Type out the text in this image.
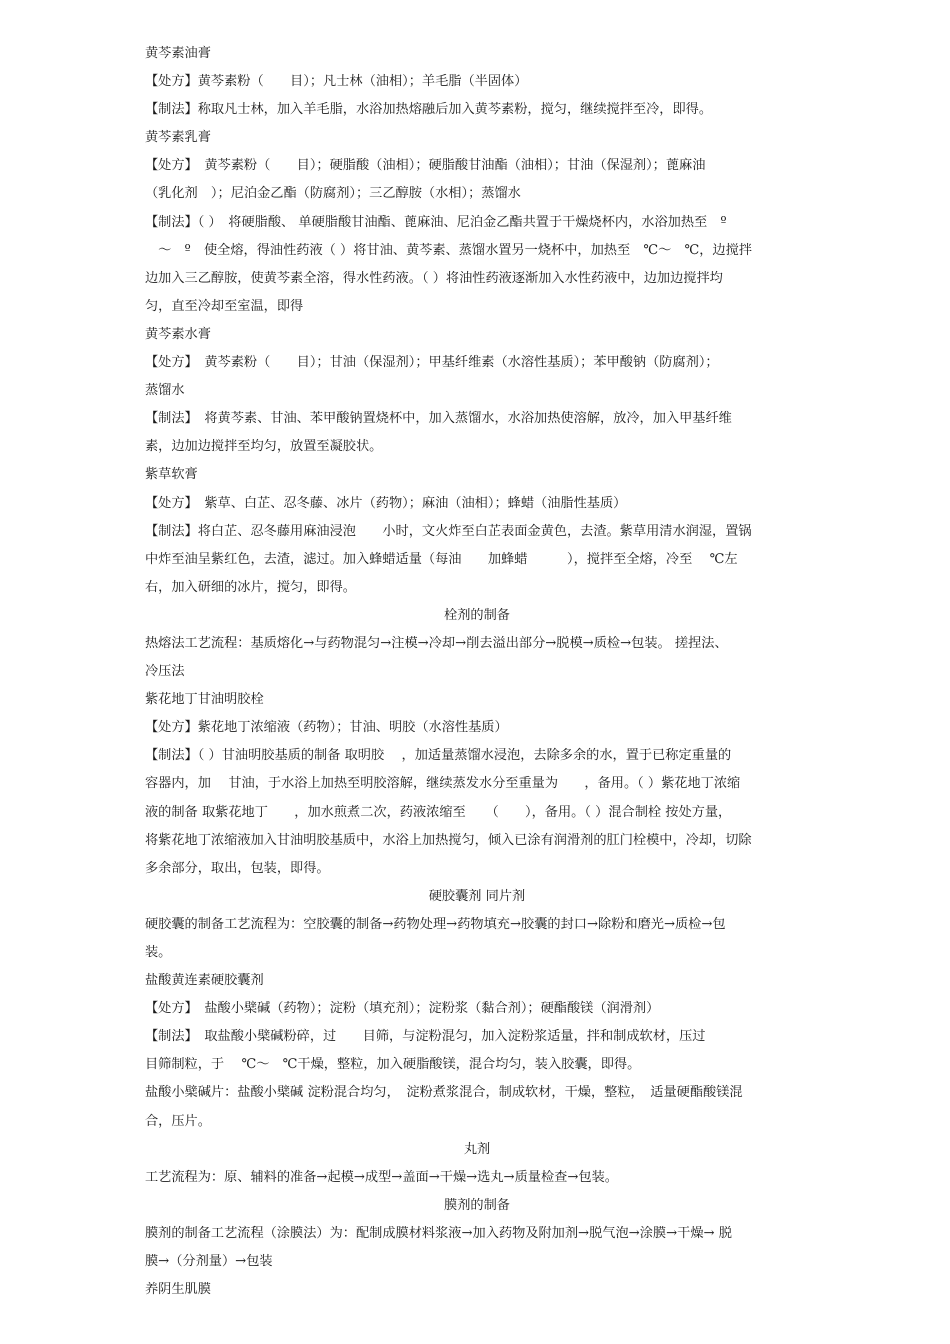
黄芩素油膏
【处方】黄芩素粉（　　目）；凡士林（油相）；羊毛脂（半固体）
【制法】称取凡士林，加入羊毛脂，水浴加热熔融后加入黄芩素粉，搅匀，继续搅拌至冷，即得。
黄芩素乳膏
【处方】　黄芩素粉（　　目）；硬脂酸（油相）；硬脂酸甘油酯（油相）；甘油（保湿剂）；蓖麻油
（乳化剂　）；尼泊金乙酯（防腐剂）；三乙醇胺（水相）；蒸馏水
【制法】（ ）　将硬脂酸、 单硬脂酸甘油酯、蓖麻油、尼泊金乙酯共置于干燥烧杯内，水浴加热至　º
　～　º　使全熔，得油性药液（ ）将甘油、黄芩素、蒸馏水置另一烧杯中，加热至　℃～　℃，边搅拌
边加入三乙醇胺，使黄芩素全溶，得水性药液。（ ）将油性药液逐渐加入水性药液中，边加边搅拌均
匀，直至冷却至室温，即得
黄芩素水膏
【处方】　黄芩素粉（　　目）；甘油（保湿剂）；甲基纤维素（水溶性基质）；苯甲酸钠（防腐剂）；
蒸馏水
【制法】　将黄芩素、甘油、苯甲酸钠置烧杯中，加入蒸馏水，水浴加热使溶解，放冷，加入甲基纤维
素，边加边搅拌至均匀，放置至凝胶状。
紫草软膏
【处方】　紫草、白芷、忍冬藤、冰片（药物）；麻油（油相）；蜂蜡（油脂性基质）
【制法】将白芷、忍冬藤用麻油浸泡　　小时，文火炸至白芷表面金黄色，去渣。紫草用清水润湿，置锅
中炸至油呈紫红色，去渣，滤过。加入蜂蜡适量（每油　　加蜂蜡　　　），搅拌至全熔，冷至　 ℃左
右，加入研细的冰片，搅匀，即得。
栓剂的制备
热熔法工艺流程：基质熔化→与药物混匀→注模→冷却→削去溢出部分→脱模→质检→包装。 搓捏法、
冷压法
紫花地丁甘油明胶栓
【处方】紫花地丁浓缩液（药物）；甘油、明胶（水溶性基质）
【制法】（ ）甘油明胶基质的制备 取明胶　 ，加适量蒸馏水浸泡，去除多余的水，置于已称定重量的
容器内，加　 甘油，于水浴上加热至明胶溶解，继续蒸发水分至重量为　　，备用。（ ）紫花地丁浓缩
液的制备 取紫花地丁　　，加水煎煮二次，药液浓缩至　　（　　），备用。（ ）混合制栓 按处方量，
将紫花地丁浓缩液加入甘油明胶基质中，水浴上加热搅匀，倾入已涂有润滑剂的肛门栓模中，冷却，切除
多余部分，取出，包装，即得。
硬胶囊剂 同片剂
硬胶囊的制备工艺流程为：空胶囊的制备→药物处理→药物填充→胶囊的封口→除粉和磨光→质检→包
装。
盐酸黄连素硬胶囊剂
【处方】　盐酸小檗碱（药物）；淀粉（填充剂）；淀粉浆（黏合剂）；硬酯酸镁（润滑剂）
【制法】　取盐酸小檗碱粉碎，过　　目筛，与淀粉混匀，加入淀粉浆适量，拌和制成软材，压过
目筛制粒，于　 ℃～　℃干燥，整粒，加入硬脂酸镁，混合均匀，装入胶囊，即得。
盐酸小檗碱片：盐酸小檗碱 淀粉混合均匀，　淀粉煮浆混合，制成软材，干燥，整粒，　适量硬酯酸镁混
合，压片。
丸剂
工艺流程为：原、辅料的准备→起模→成型→盖面→干燥→选丸→质量检查→包装。
膜剂的制备
膜剂的制备工艺流程（涂膜法）为：配制成膜材料浆液→加入药物及附加剂→脱气泡→涂膜→干燥→ 脱
膜→（分剂量）→包装
养阴生肌膜
